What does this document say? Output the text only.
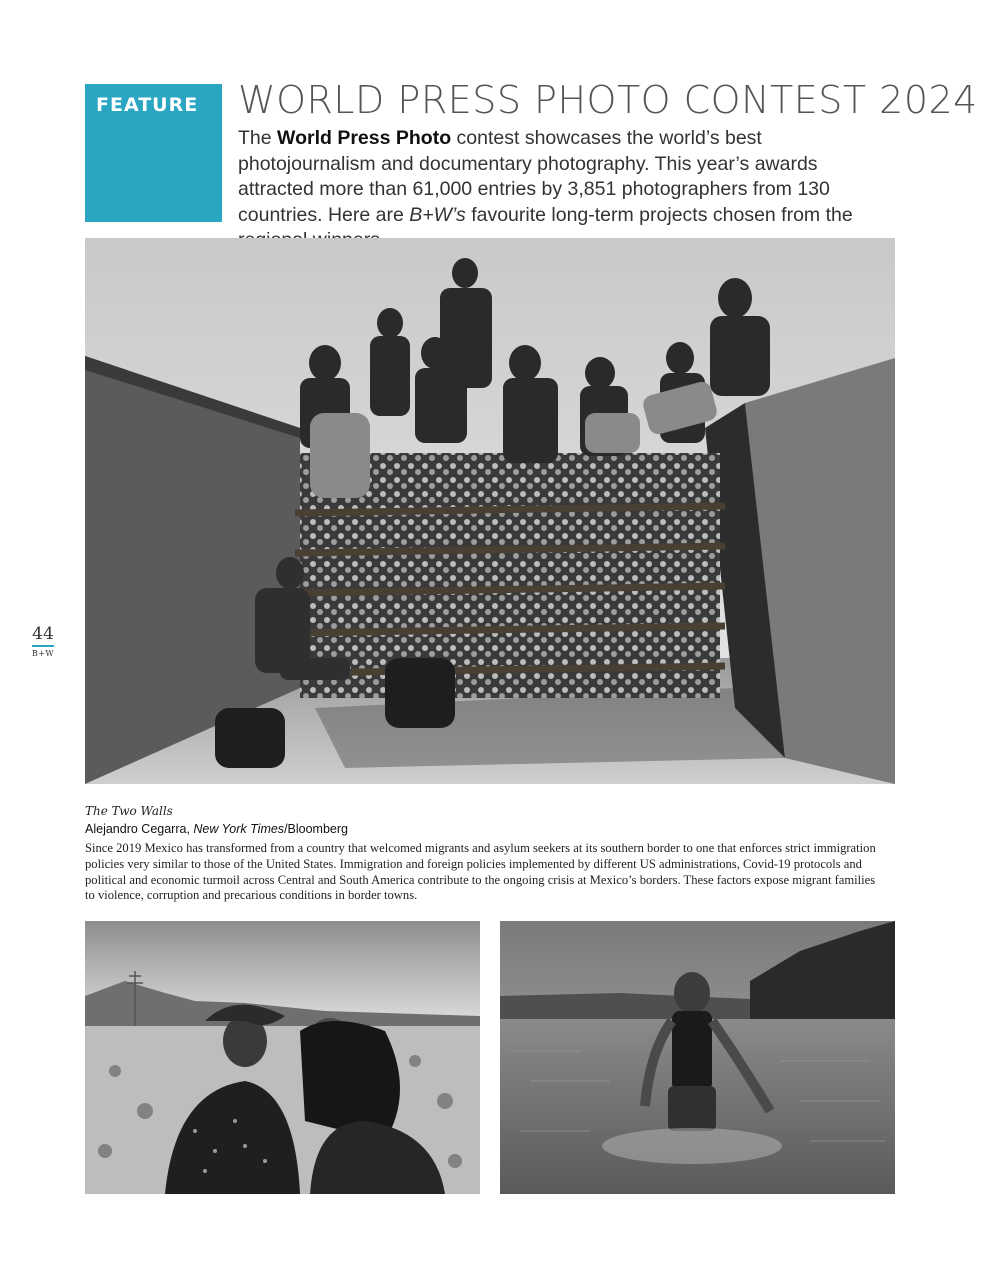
FEATURE WORLD PRESS PHOTO CONTEST 2024
The World Press Photo contest showcases the world’s best photojournalism and documentary photography. This year’s awards attracted more than 61,000 entries by 3,851 photographers from 130 countries. Here are B+W’s favourite long-term projects chosen from the
44
B+W
The Two Walls
Alejandro Cegarra, New York Times/Bloomberg
Since 2019 Mexico has transformed from a country that welcomed migrants and asylum seekers at its southern border to one that enforces strict immigration policies very similar to those of the United States. Immigration and foreign policies implemented by different US administrations, Covid-19 protocols and political and economic turmoil across Central and South America contribute to the ongoing crisis at Mexico’s borders. These factors expose migrant families to violence, corruption and precarious conditions in border towns.
